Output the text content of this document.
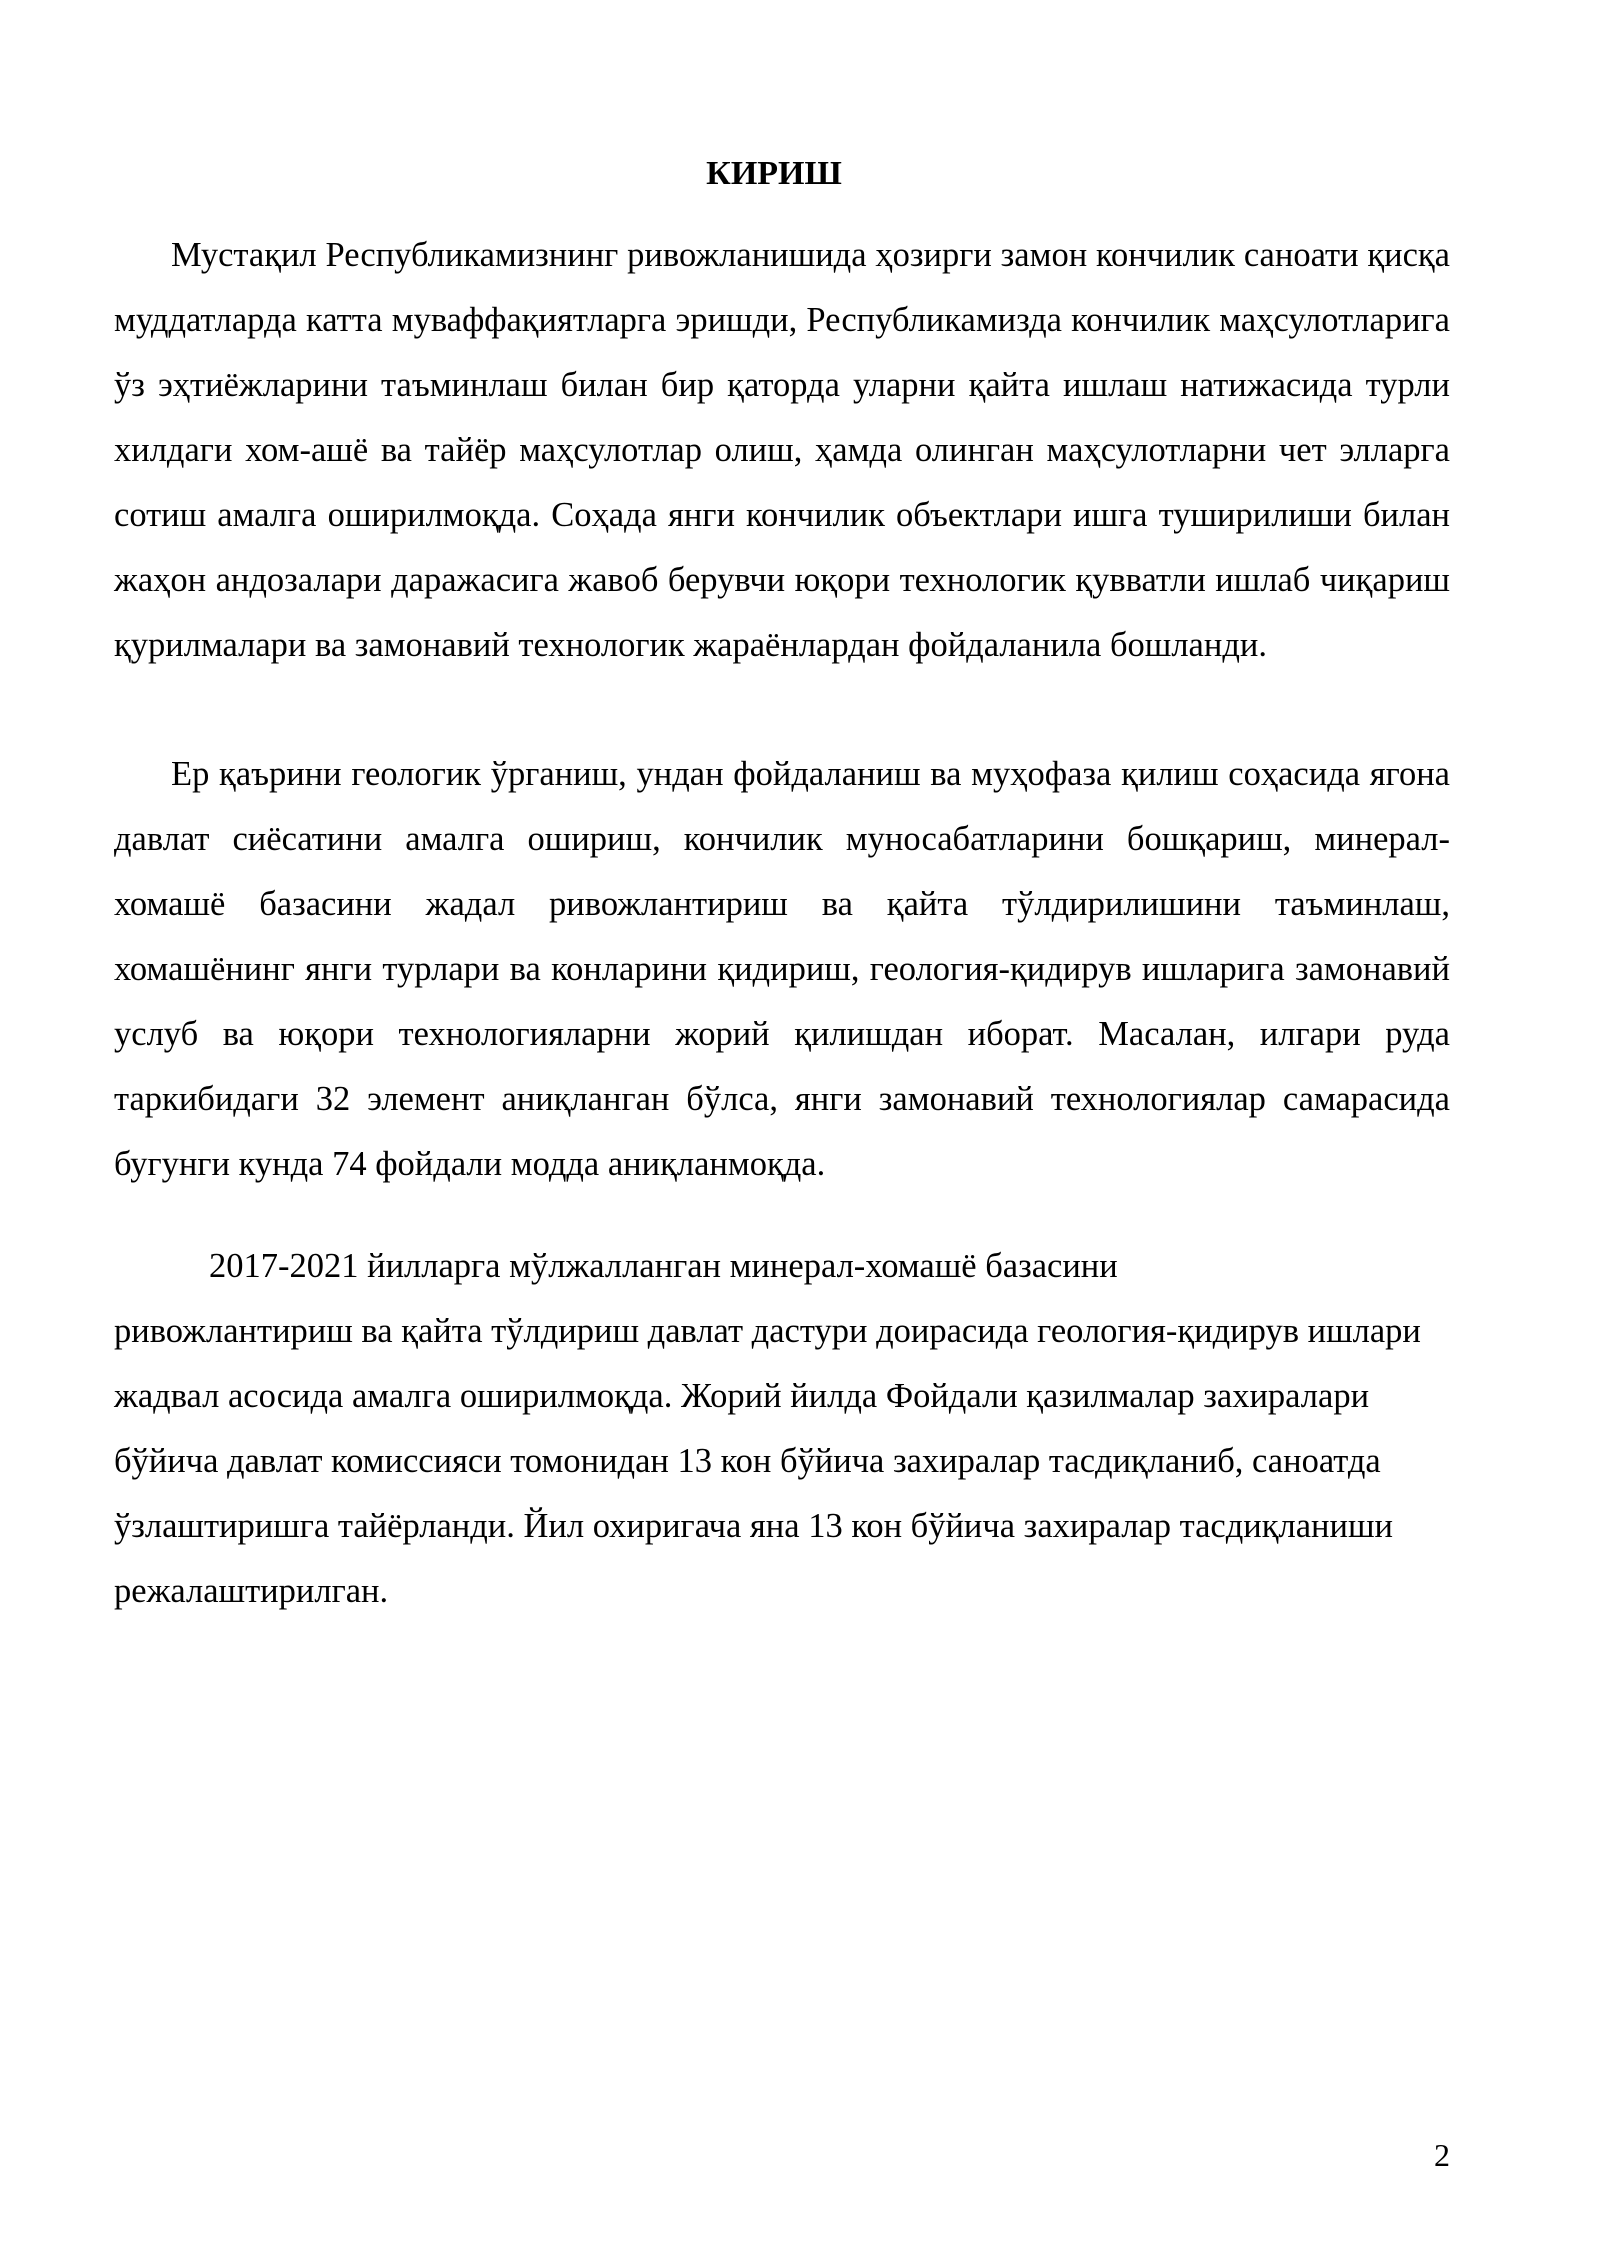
КИРИШ

Мустақил Республикамизнинг ривожланишида ҳозирги замон кончилик саноати қисқа муддатларда катта муваффақиятларга эришди, Республикамизда кончилик маҳсулотларига ўз эҳтиёжларини таъминлаш билан бир қаторда уларни қайта ишлаш натижасида турли хилдаги хом-ашё ва тайёр маҳсулотлар олиш, ҳамда олинган маҳсулотларни чет элларга сотиш амалга оширилмоқда. Соҳада янги кончилик объектлари ишга туширилиши билан жаҳон андозалари даражасига жавоб берувчи юқори технологик қувватли ишлаб чиқариш қурилмалари ва замонавий технологик жараёнлардан фойдаланила бошланди.

Ер қаърини геологик ўрганиш, ундан фойдаланиш ва муҳофаза қилиш соҳасида ягона давлат сиёсатини амалга ошириш, кончилик муносабатларини бошқариш, минерал-хомашё базасини жадал ривожлантириш ва қайта тўлдирилишини таъминлаш, хомашёнинг янги турлари ва конларини қидириш, геология-қидирув ишларига замонавий услуб ва юқори технологияларни жорий қилишдан иборат. Масалан, илгари руда таркибидаги 32 элемент аниқланган бўлса, янги замонавий технологиялар самарасида бугунги кунда 74 фойдали модда аниқланмоқда.

2017-2021 йилларга мўлжалланган минерал-хомашё базасини
ривожлантириш ва қайта тўлдириш давлат дастури доирасида геология-қидирув ишлари жадвал асосида амалга оширилмоқда. Жорий йилда Фойдали қазилмалар захиралари бўйича давлат комиссияси томонидан 13 кон бўйича захиралар тасдиқланиб, саноатда ўзлаштиришга тайёрланди. Йил охиригача яна 13 кон бўйича захиралар тасдиқланиши режалаштирилган.

2
